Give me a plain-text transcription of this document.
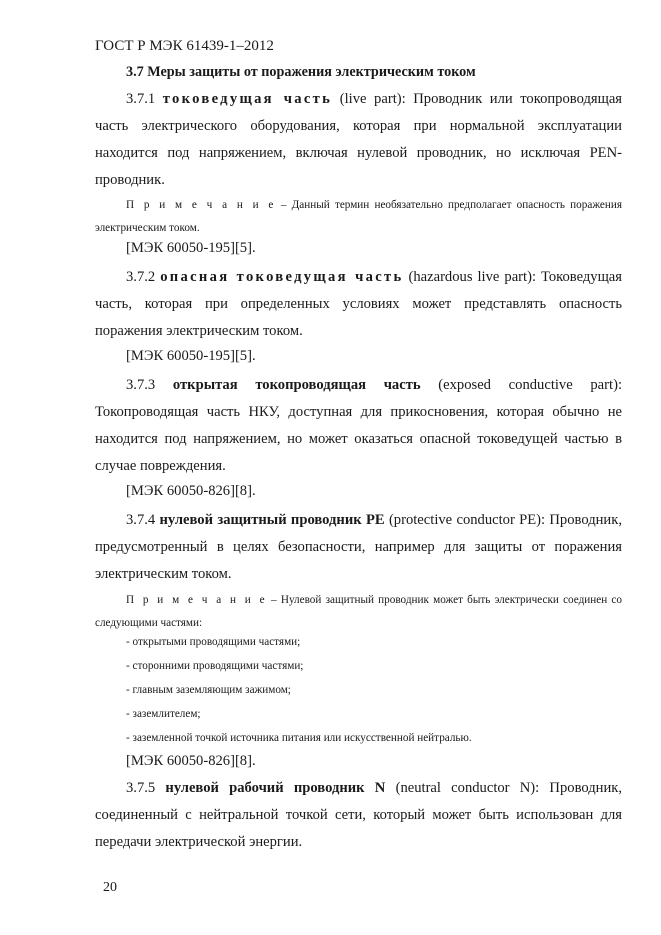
ГОСТ Р МЭК 61439-1–2012
3.7 Меры защиты от поражения электрическим током
3.7.1 токоведущая часть (live part): Проводник или токопроводящая часть электрического оборудования, которая при нормальной эксплуатации находится под напряжением, включая нулевой проводник, но исключая PEN-проводник.
П р и м е ч а н и е – Данный термин необязательно предполагает опасность поражения электрическим током.
[МЭК 60050-195][5].
3.7.2 опасная токоведущая часть (hazardous live part): Токоведущая часть, которая при определенных условиях может представлять опасность поражения электрическим током.
[МЭК 60050-195][5].
3.7.3 открытая токопроводящая часть (exposed conductive part): Токопроводящая часть НКУ, доступная для прикосновения, которая обычно не находится под напряжением, но может оказаться опасной токоведущей частью в случае повреждения.
[МЭК 60050-826][8].
3.7.4 нулевой защитный проводник PE (protective conductor PE): Проводник, предусмотренный в целях безопасности, например для защиты от поражения электрическим током.
П р и м е ч а н и е – Нулевой защитный проводник может быть электрически соединен со следующими частями:
- открытыми проводящими частями;
- сторонними проводящими частями;
- главным заземляющим зажимом;
- заземлителем;
- заземленной точкой источника питания или искусственной нейтралью.
[МЭК 60050-826][8].
3.7.5 нулевой рабочий проводник N (neutral conductor N): Проводник, соединенный с нейтральной точкой сети, который может быть использован для передачи электрической энергии.
20
